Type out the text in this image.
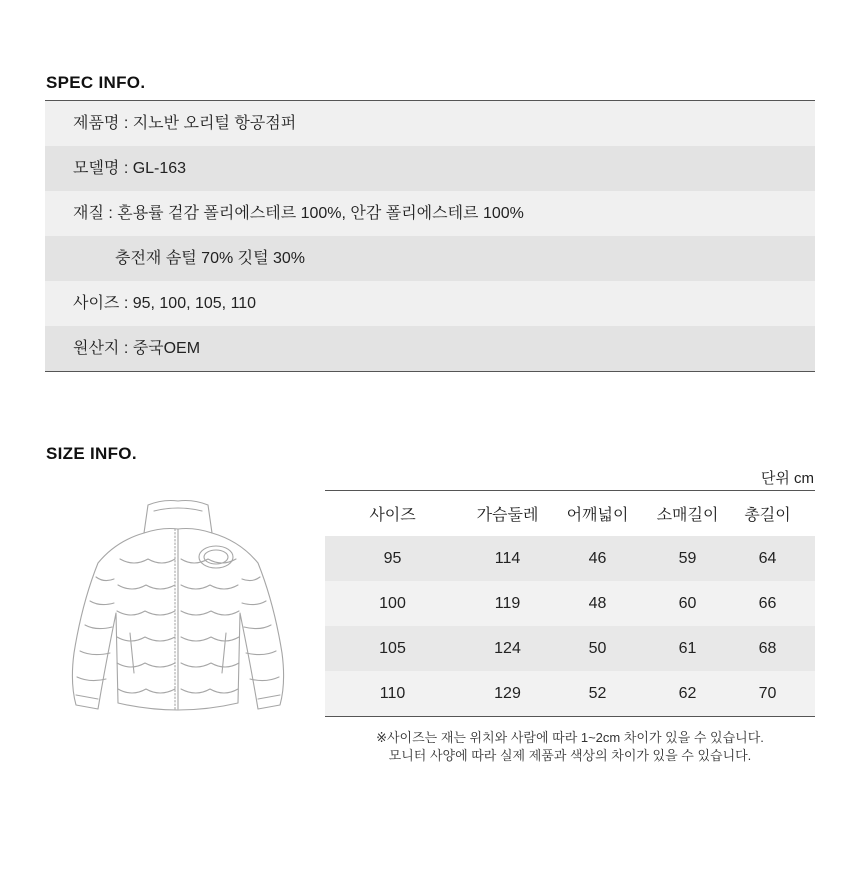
SPEC INFO.
제품명 : 지노반 오리털 항공점퍼
모델명 : GL-163
재질 : 혼용률 겉감 폴리에스테르 100%, 안감 폴리에스테르 100%
충전재 솜털 70% 깃털 30%
사이즈 : 95, 100, 105, 110
원산지 : 중국OEM
SIZE INFO.
단위 cm
사이즈	가슴둘레	어깨넓이	소매길이	총길이
95	114	46	59	64
100	119	48	60	66
105	124	50	61	68
110	129	52	62	70
※사이즈는 재는 위치와 사람에 따라 1~2cm 차이가 있을 수 있습니다.
모니터 사양에 따라 실제 제품과 색상의 차이가 있을 수 있습니다.
